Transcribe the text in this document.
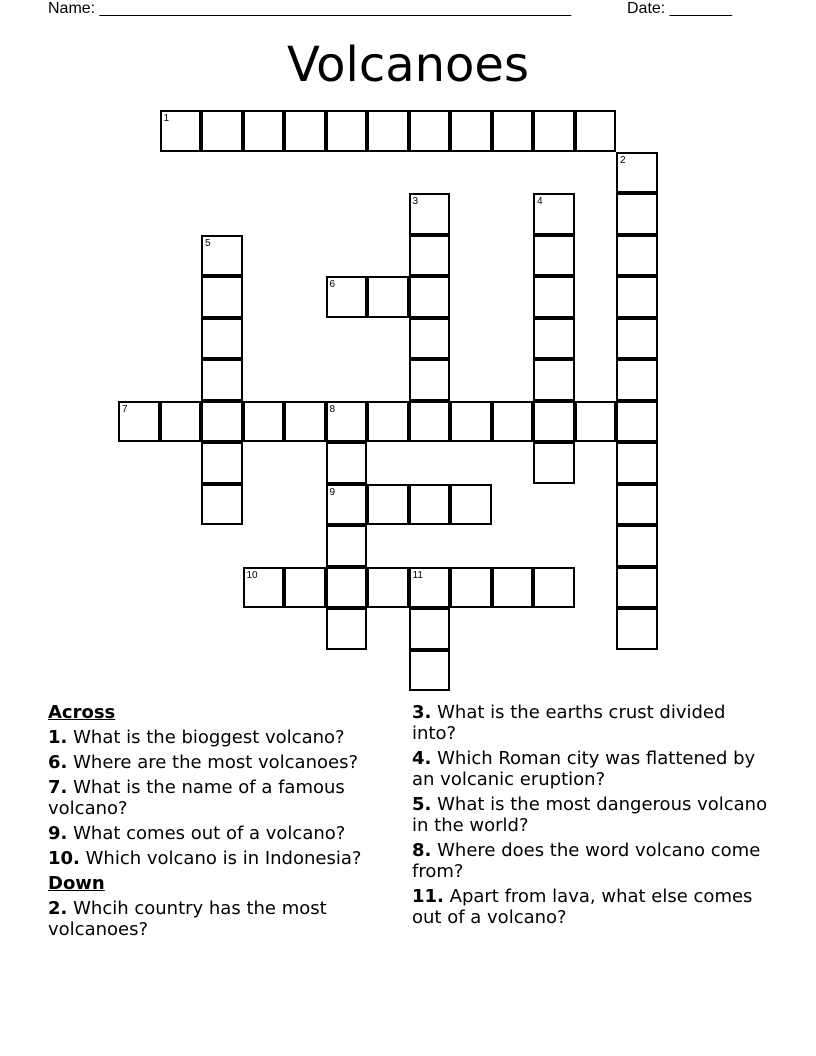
Name: _____________________________________________________	Date: _______
Volcanoes
1
2
3	4
5
6
7	8
9
10	11
Across
1. What is the bioggest volcano?
6. Where are the most volcanoes?
7. What is the name of a famous volcano?
9. What comes out of a volcano?
10. Which volcano is in Indonesia?
Down
2. Whcih country has the most volcanoes?
3. What is the earths crust divided into?
4. Which Roman city was flattened by an volcanic eruption?
5. What is the most dangerous volcano in the world?
8. Where does the word volcano come from?
11. Apart from lava, what else comes out of a volcano?
